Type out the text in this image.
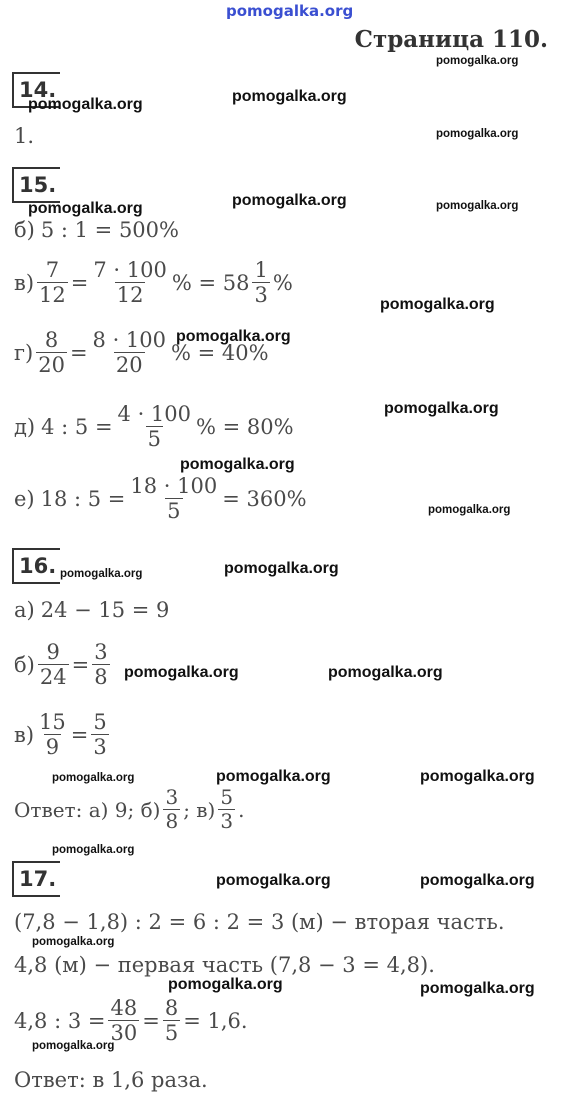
pomogalka.org
Страница 110.
14.
1.
15.
б) 5 : 1 = 500%
$в) \frac{7}{12} = \frac{7 \cdot 100}{12}$ % = $58 \frac{1}{3}$ %
$г) \frac{8}{20} = \frac{8 \cdot 100}{20}$ % = 40%
д) 4 : $5 = \frac{4 \cdot 100}{5}$ % = 80%
е) 18 : $5 = \frac{18 \cdot 100}{5} = 360\%$
16.
а) 24 − 15 = 9
$б) \frac{9}{24} = \frac{3}{8}$
$в) \frac{15}{9} = \frac{5}{3}$
Ответ: а) 9; $б) \frac{3}{8}$ ; $в) \frac{5}{3}$ .
17.
(7,8 − 1,8) : 2 = 6 : 2 = 3 (м) − вторая часть.
4,8 (м) − первая часть (7,8 − 3 = 4,8).
4,8 : $3 = \frac{48}{30} = \frac{8}{5} = 1,6$.
Ответ: в 1,6 раза.
pomogalka.org
pomogalka.org	pomogalka.org
pomogalka.org
pomogalka.org	pomogalka.org	pomogalka.org
pomogalka.org
pomogalka.org
pomogalka.org
pomogalka.org
pomogalka.org
pomogalka.org	pomogalka.org
pomogalka.org	pomogalka.org
pomogalka.org	pomogalka.org	pomogalka.org
pomogalka.org
pomogalka.org	pomogalka.org
pomogalka.org
pomogalka.org	pomogalka.org
pomogalka.org
